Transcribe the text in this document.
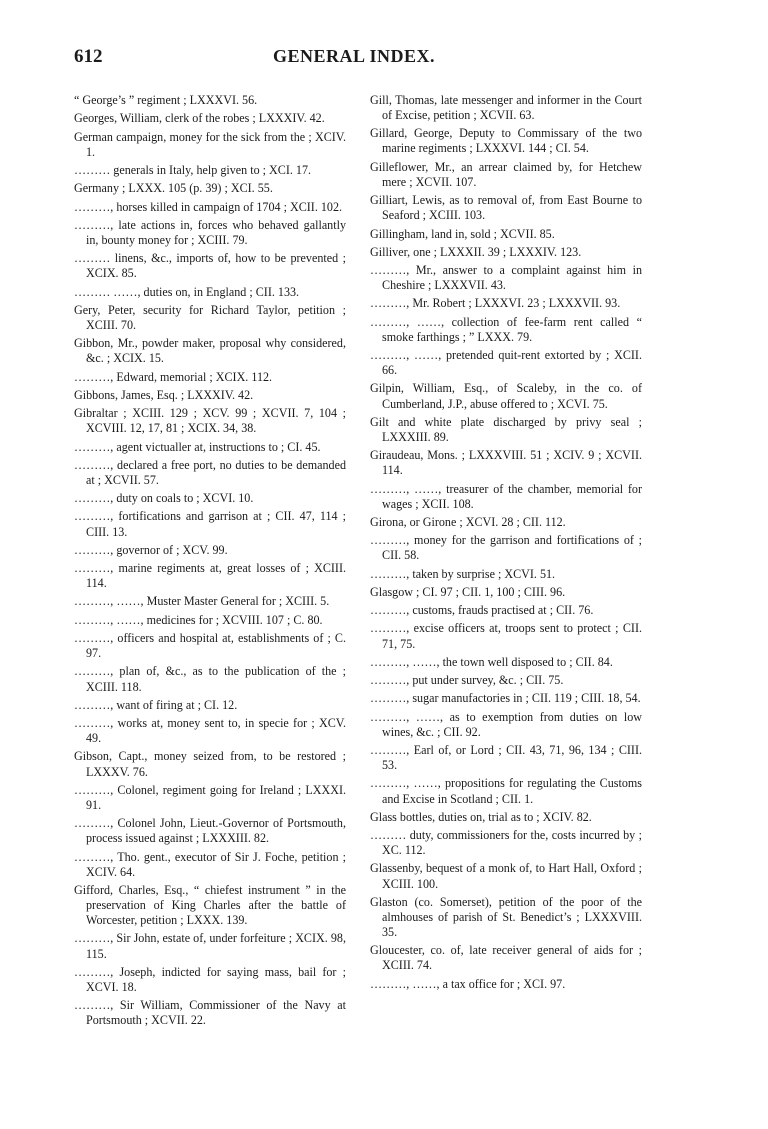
612	GENERAL INDEX.

“ George’s ” regiment ; LXXXVI. 56.

Georges, William, clerk of the robes ; LXXXIV. 42.

German campaign, money for the sick from the ; XCIV. 1.

……… generals in Italy, help given to ; XCI. 17.

Germany ; LXXX. 105 (p. 39) ; XCI. 55.

………, horses killed in campaign of 1704 ; XCII. 102.

………, late actions in, forces who behaved gallantly in, bounty money for ; XCIII. 79.

……… linens, &c., imports of, how to be prevented ; XCIX. 85.

……… ……, duties on, in England ; CII. 133.

Gery, Peter, security for Richard Taylor, petition ; XCIII. 70.

Gibbon, Mr., powder maker, proposal why considered, &c. ; XCIX. 15.

………, Edward, memorial ; XCIX. 112.

Gibbons, James, Esq. ; LXXXIV. 42.

Gibraltar ; XCIII. 129 ; XCV. 99 ; XCVII. 7, 104 ; XCVIII. 12, 17, 81 ; XCIX. 34, 38.

………, agent victualler at, instructions to ; CI. 45.

………, declared a free port, no duties to be demanded at ; XCVII. 57.

………, duty on coals to ; XCVI. 10.

………, fortifications and garrison at ; CII. 47, 114 ; CIII. 13.

………, governor of ; XCV. 99.

………, marine regiments at, great losses of ; XCIII. 114.

………, ……, Muster Master General for ; XCIII. 5.

………, ……, medicines for ; XCVIII. 107 ; C. 80.

………, officers and hospital at, establishments of ; C. 97.

………, plan of, &c., as to the publication of the ; XCIII. 118.

………, want of firing at ; CI. 12.

………, works at, money sent to, in specie for ; XCV. 49.

Gibson, Capt., money seized from, to be restored ; LXXXV. 76.

………, Colonel, regiment going for Ireland ; LXXXI. 91.

………, Colonel John, Lieut.-Governor of Portsmouth, process issued against ; LXXXIII. 82.

………, Tho. gent., executor of Sir J. Foche, petition ; XCIV. 64.

Gifford, Charles, Esq., “ chiefest instrument ” in the preservation of King Charles after the battle of Worcester, petition ; LXXX. 139.

………, Sir John, estate of, under forfeiture ; XCIX. 98, 115.

………, Joseph, indicted for saying mass, bail for ; XCVI. 18.

………, Sir William, Commissioner of the Navy at Portsmouth ; XCVII. 22.

Gill, Thomas, late messenger and informer in the Court of Excise, petition ; XCVII. 63.

Gillard, George, Deputy to Commissary of the two marine regiments ; LXXXVI. 144 ; CI. 54.

Gilleflower, Mr., an arrear claimed by, for Hetchew mere ; XCVII. 107.

Gilliart, Lewis, as to removal of, from East Bourne to Seaford ; XCIII. 103.

Gillingham, land in, sold ; XCVII. 85.

Gilliver, one ; LXXXII. 39 ; LXXXIV. 123.

………, Mr., answer to a complaint against him in Cheshire ; LXXXVII. 43.

………, Mr. Robert ; LXXXVI. 23 ; LXXXVII. 93.

………, ……, collection of fee-farm rent called “ smoke farthings ; ” LXXX. 79.

………, ……, pretended quit-rent extorted by ; XCII. 66.

Gilpin, William, Esq., of Scaleby, in the co. of Cumberland, J.P., abuse offered to ; XCVI. 75.

Gilt and white plate discharged by privy seal ; LXXXIII. 89.

Giraudeau, Mons. ; LXXXVIII. 51 ; XCIV. 9 ; XCVII. 114.

………, ……, treasurer of the chamber, memorial for wages ; XCII. 108.

Girona, or Girone ; XCVI. 28 ; CII. 112.

………, money for the garrison and fortifications of ; CII. 58.

………, taken by surprise ; XCVI. 51.

Glasgow ; CI. 97 ; CII. 1, 100 ; CIII. 96.

………, customs, frauds practised at ; CII. 76.

………, excise officers at, troops sent to protect ; CII. 71, 75.

………, ……, the town well disposed to ; CII. 84.

………, put under survey, &c. ; CII. 75.

………, sugar manufactories in ; CII. 119 ; CIII. 18, 54.

………, ……, as to exemption from duties on low wines, &c. ; CII. 92.

………, Earl of, or Lord ; CII. 43, 71, 96, 134 ; CIII. 53.

………, ……, propositions for regulating the Customs and Excise in Scotland ; CII. 1.

Glass bottles, duties on, trial as to ; XCIV. 82.

……… duty, commissioners for the, costs incurred by ; XC. 112.

Glassenby, bequest of a monk of, to Hart Hall, Oxford ; XCIII. 100.

Glaston (co. Somerset), petition of the poor of the almhouses of parish of St. Benedict’s ; LXXXVIII. 35.

Gloucester, co. of, late receiver general of aids for ; XCIII. 74.

………, ……, a tax office for ; XCI. 97.
